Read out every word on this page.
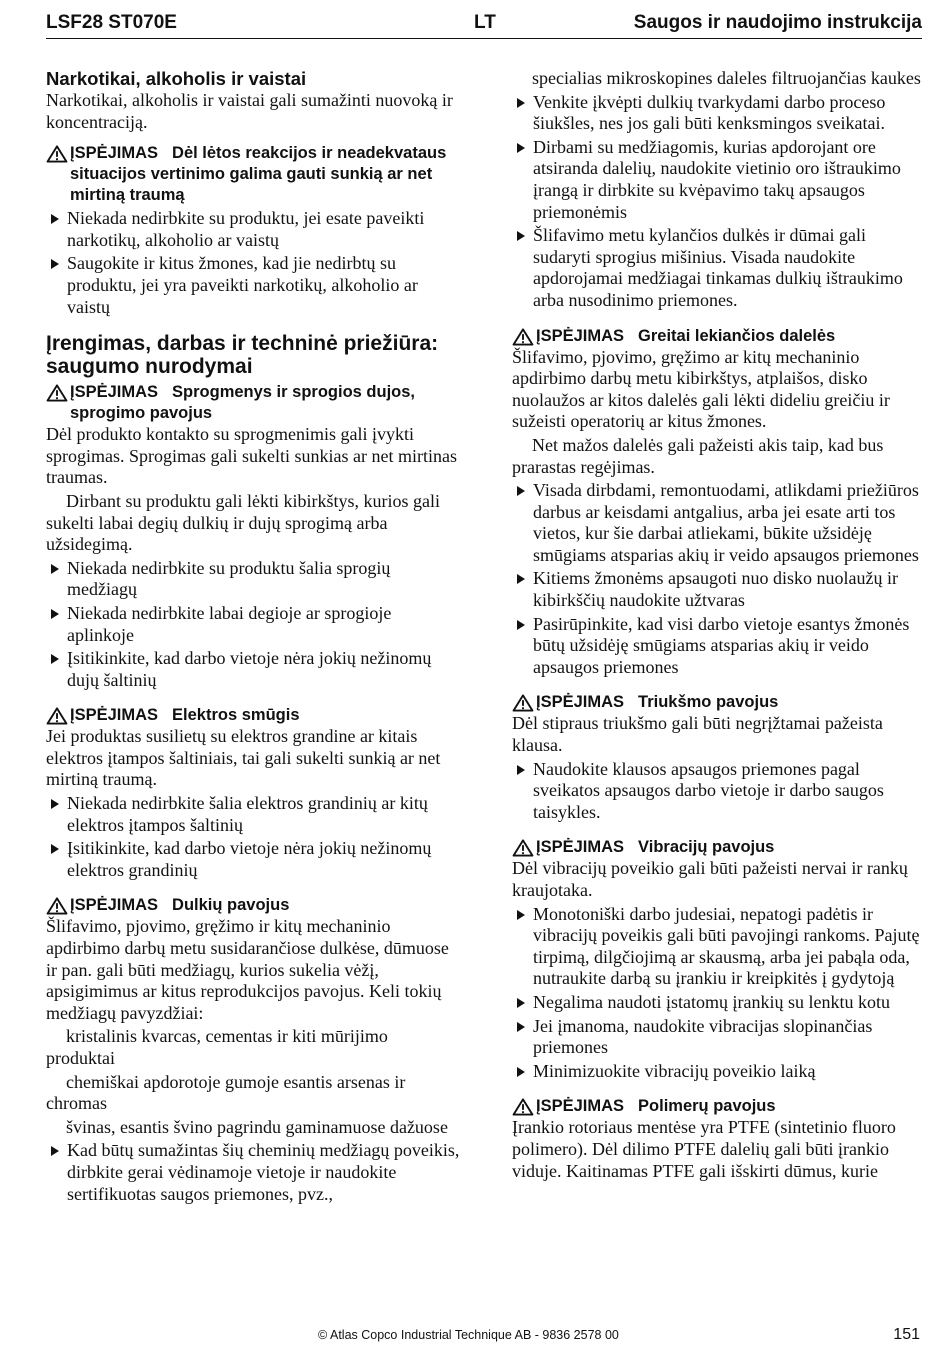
LSF28 ST070E	LT	Saugos ir naudojimo instrukcija
Narkotikai, alkoholis ir vaistai

Narkotikai, alkoholis ir vaistai gali sumažinti nuovoką ir koncentraciją.

ĮSPĖJIMAS Dėl lėtos reakcijos ir neadekvataus situacijos vertinimo galima gauti sunkią ar net mirtiną traumą
Niekada nedirbkite su produktu, jei esate paveikti narkotikų, alkoholio ar vaistų
Saugokite ir kitus žmones, kad jie nedirbtų su produktu, jei yra paveikti narkotikų, alkoholio ar vaistų
Įrengimas, darbas ir techninė priežiūra: saugumo nurodymai
ĮSPĖJIMAS Sprogmenys ir sprogios dujos, sprogimo pavojus

Dėl produkto kontakto su sprogmenimis gali įvykti sprogimas. Sprogimas gali sukelti sunkias ar net mirtinas traumas.

Dirbant su produktu gali lėkti kibirkštys, kurios gali sukelti labai degių dulkių ir dujų sprogimą arba užsidegimą.

Niekada nedirbkite su produktu šalia sprogių medžiagų
Niekada nedirbkite labai degioje ar sprogioje aplinkoje
Įsitikinkite, kad darbo vietoje nėra jokių nežinomų dujų šaltinių
ĮSPĖJIMAS Elektros smūgis

Jei produktas susilietų su elektros grandine ar kitais elektros įtampos šaltiniais, tai gali sukelti sunkią ar net mirtiną traumą.

Niekada nedirbkite šalia elektros grandinių ar kitų elektros įtampos šaltinių
Įsitikinkite, kad darbo vietoje nėra jokių nežinomų elektros grandinių
ĮSPĖJIMAS Dulkių pavojus

Šlifavimo, pjovimo, gręžimo ir kitų mechaninio apdirbimo darbų metu susidarančiose dulkėse, dūmuose ir pan. gali būti medžiagų, kurios sukelia vėžį, apsigimimus ar kitus reprodukcijos pavojus. Keli tokių medžiagų pavyzdžiai:

kristalinis kvarcas, cementas ir kiti mūrijimo produktai

chemiškai apdorotoje gumoje esantis arsenas ir chromas

švinas, esantis švino pagrindu gaminamuose dažuose

Kad būtų sumažintas šių cheminių medžiagų poveikis, dirbkite gerai vėdinamoje vietoje ir naudokite sertifikuotas saugos priemones, pvz.,

specialias mikroskopines daleles filtruojančias kaukes

Venkite įkvėpti dulkių tvarkydami darbo proceso šiukšles, nes jos gali būti kenksmingos sveikatai.
Dirbami su medžiagomis, kurias apdorojant ore atsiranda dalelių, naudokite vietinio oro ištraukimo įrangą ir dirbkite su kvėpavimo takų apsaugos priemonėmis
Šlifavimo metu kylančios dulkės ir dūmai gali sudaryti sprogius mišinius. Visada naudokite apdorojamai medžiagai tinkamas dulkių ištraukimo arba nusodinimo priemones.
ĮSPĖJIMAS Greitai lekiančios dalelės

Šlifavimo, pjovimo, gręžimo ar kitų mechaninio apdirbimo darbų metu kibirkštys, atplaišos, disko nuolaužos ar kitos dalelės gali lėkti dideliu greičiu ir sužeisti operatorių ar kitus žmones.

Net mažos dalelės gali pažeisti akis taip, kad bus prarastas regėjimas.

Visada dirbdami, remontuodami, atlikdami priežiūros darbus ar keisdami antgalius, arba jei esate arti tos vietos, kur šie darbai atliekami, būkite užsidėję smūgiams atsparias akių ir veido apsaugos priemones
Kitiems žmonėms apsaugoti nuo disko nuolaužų ir kibirkščių naudokite užtvaras
Pasirūpinkite, kad visi darbo vietoje esantys žmonės būtų užsidėję smūgiams atsparias akių ir veido apsaugos priemones
ĮSPĖJIMAS Triukšmo pavojus

Dėl stipraus triukšmo gali būti negrįžtamai pažeista klausa.

Naudokite klausos apsaugos priemones pagal sveikatos apsaugos darbo vietoje ir darbo saugos taisykles.
ĮSPĖJIMAS Vibracijų pavojus

Dėl vibracijų poveikio gali būti pažeisti nervai ir rankų kraujotaka.

Monotoniški darbo judesiai, nepatogi padėtis ir vibracijų poveikis gali būti pavojingi rankoms. Pajutę tirpimą, dilgčiojimą ar skausmą, arba jei pabąla oda, nutraukite darbą su įrankiu ir kreipkitės į gydytoją
Negalima naudoti įstatomų įrankių su lenktu kotu
Jei įmanoma, naudokite vibracijas slopinančias priemones
Minimizuokite vibracijų poveikio laiką
ĮSPĖJIMAS Polimerų pavojus

Įrankio rotoriaus mentėse yra PTFE (sintetinio fluoro polimero). Dėl dilimo PTFE dalelių gali būti įrankio viduje. Kaitinamas PTFE gali išskirti dūmus, kurie

© Atlas Copco Industrial Technique AB - 9836 2578 00	151
